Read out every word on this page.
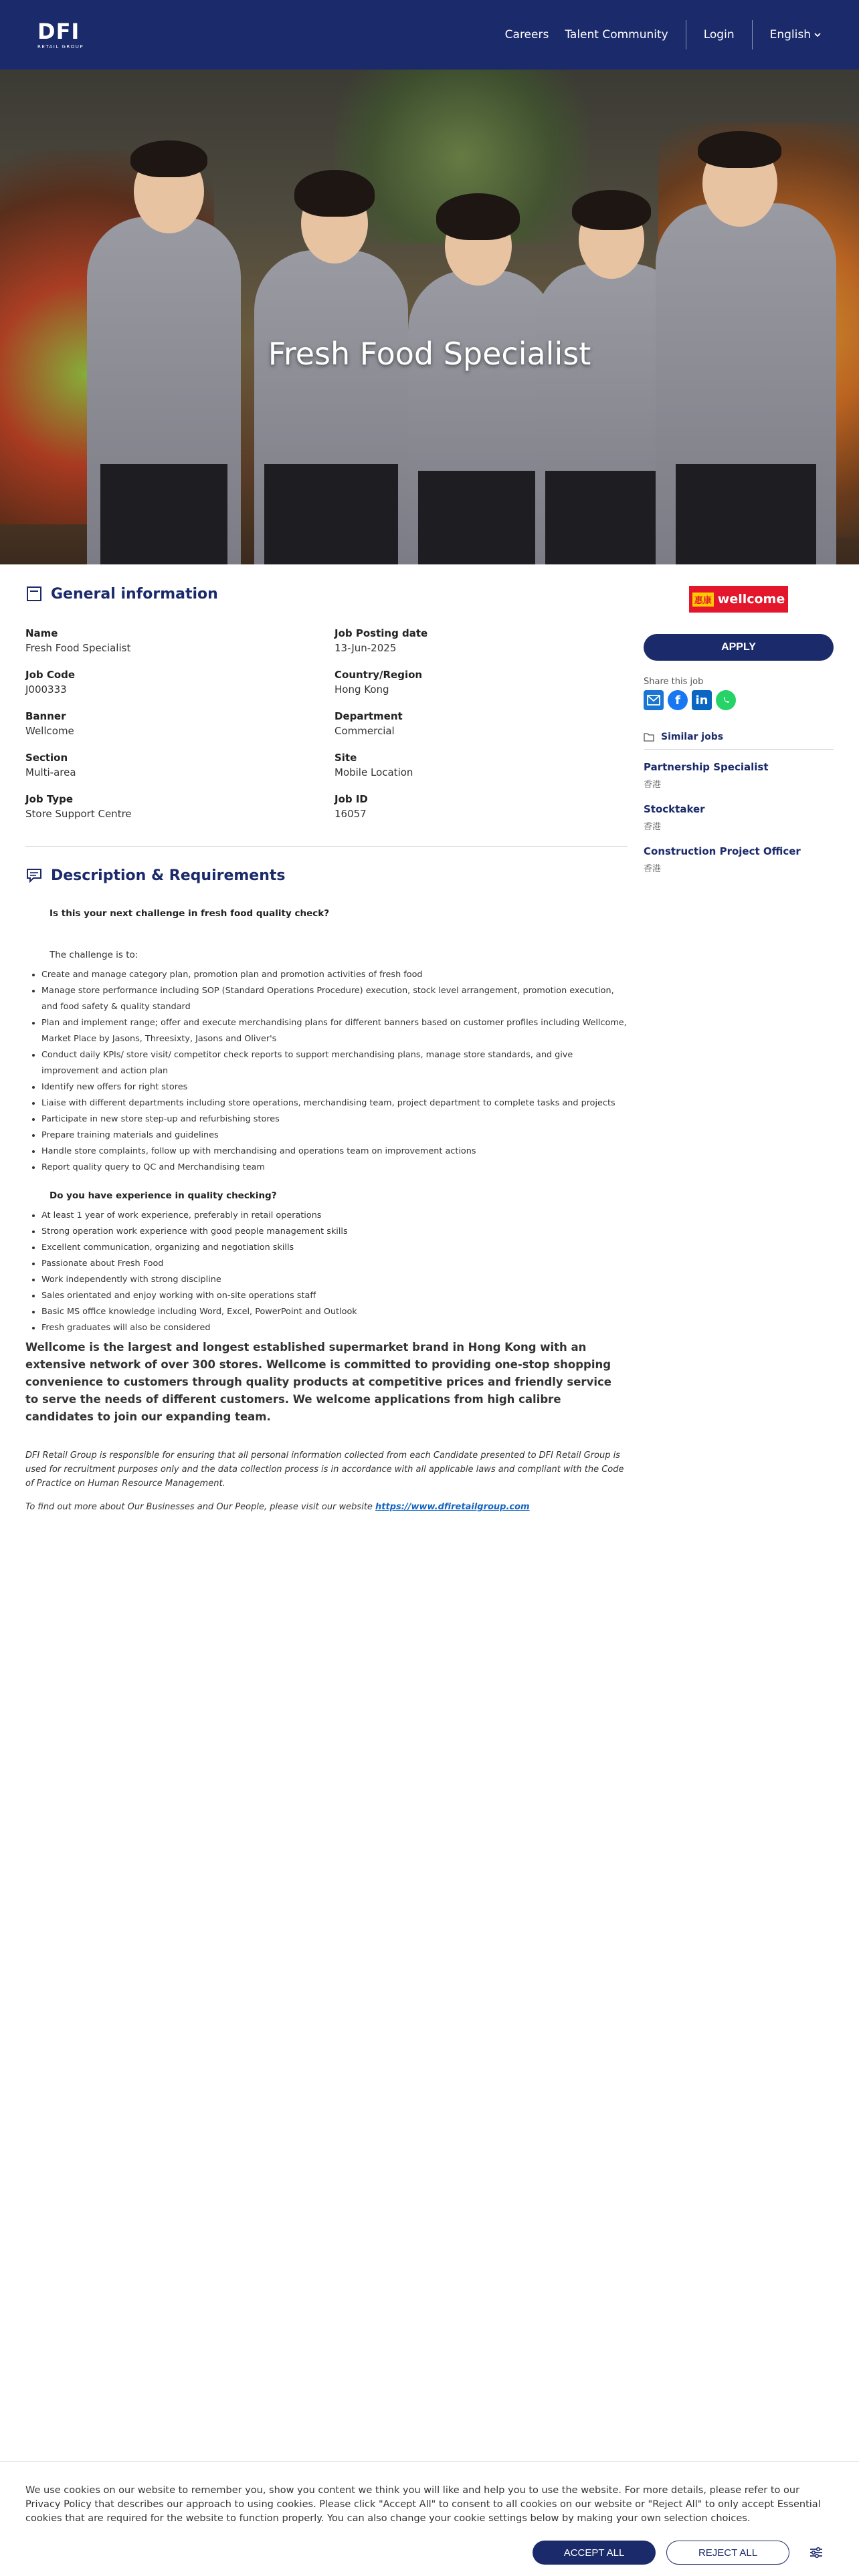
DFI
RETAIL GROUP
Careers	Talent Community	Login	English
Fresh Food Specialist
General information
Name
Fresh Food Specialist
Job Posting date
13-Jun-2025
Job Code
J000333
Country/Region
Hong Kong
Banner
Wellcome
Department
Commercial
Section
Multi-area
Site
Mobile Location
Job Type
Store Support Centre
Job ID
16057
Description & Requirements
Is this your next challenge in fresh food quality check?
The challenge is to:
• Create and manage category plan, promotion plan and promotion activities of fresh food
• Manage store performance including SOP (Standard Operations Procedure) execution, stock level arrangement, promotion execution, and food safety & quality standard
• Plan and implement range; offer and execute merchandising plans for different banners based on customer profiles including Wellcome, Market Place by Jasons, Threesixty, Jasons and Oliver's
• Conduct daily KPIs/ store visit/ competitor check reports to support merchandising plans, manage store standards, and give improvement and action plan
• Identify new offers for right stores
• Liaise with different departments including store operations, merchandising team, project department to complete tasks and projects
• Participate in new store step-up and refurbishing stores
• Prepare training materials and guidelines
• Handle store complaints, follow up with merchandising and operations team on improvement actions
• Report quality query to QC and Merchandising team
Do you have experience in quality checking?
• At least 1 year of work experience, preferably in retail operations
• Strong operation work experience with good people management skills
• Excellent communication, organizing and negotiation skills
• Passionate about Fresh Food
• Work independently with strong discipline
• Sales orientated and enjoy working with on-site operations staff
• Basic MS office knowledge including Word, Excel, PowerPoint and Outlook
• Fresh graduates will also be considered
Wellcome is the largest and longest established supermarket brand in Hong Kong with an extensive network of over 300 stores. Wellcome is committed to providing one-stop shopping convenience to customers through quality products at competitive prices and friendly service to serve the needs of different customers. We welcome applications from high calibre candidates to join our expanding team.
DFI Retail Group is responsible for ensuring that all personal information collected from each Candidate presented to DFI Retail Group is used for recruitment purposes only and the data collection process is in accordance with all applicable laws and compliant with the Code of Practice on Human Resource Management.
To find out more about Our Businesses and Our People, please visit our website https://www.dfiretailgroup.com
惠康 wellcome
APPLY
Share this job
f	in
Similar jobs
Partnership Specialist
香港
Stocktaker
香港
Construction Project Officer
香港
We use cookies on our website to remember you, show you content we think you will like and help you to use the website. For more details, please refer to our Privacy Policy that describes our approach to using cookies. Please click "Accept All" to consent to all cookies on our website or "Reject All" to only accept Essential cookies that are required for the website to function properly. You can also change your cookie settings below by making your own selection choices.
ACCEPT ALL	REJECT ALL
